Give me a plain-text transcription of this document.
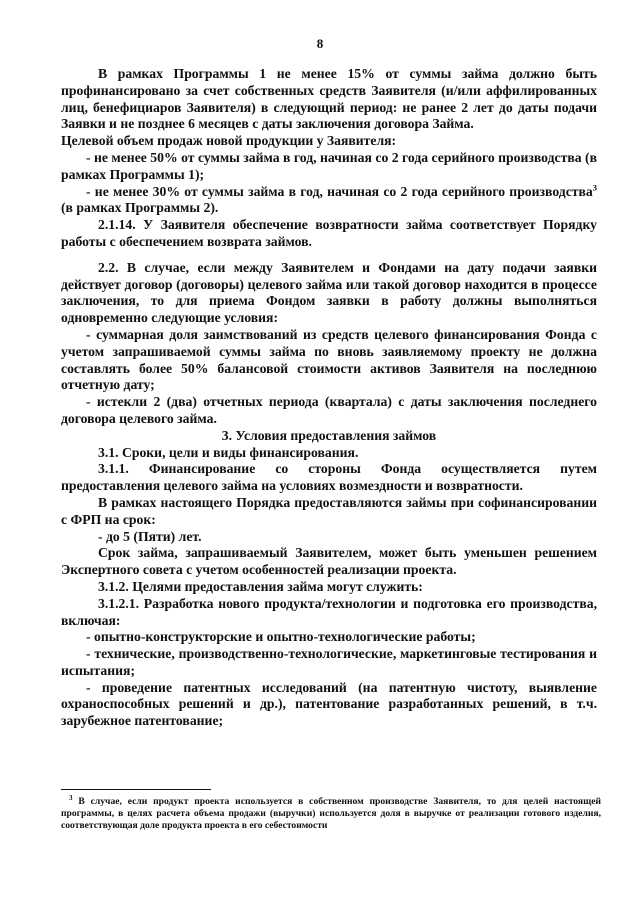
8

В рамках Программы 1 не менее 15% от суммы займа должно быть профинансировано за счет собственных средств Заявителя (и/или аффилированных лиц, бенефициаров Заявителя) в следующий период: не ранее 2 лет до даты подачи Заявки и не позднее 6 месяцев с даты заключения договора Займа.

Целевой объем продаж новой продукции у Заявителя:

- не менее 50% от суммы займа в год, начиная со 2 года серийного производства (в рамках Программы 1);

- не менее 30% от суммы займа в год, начиная со 2 года серийного производства$^3$ (в рамках Программы 2).

2.1.14. У Заявителя обеспечение возвратности займа соответствует Порядку работы с обеспечением возврата займов.

2.2. В случае, если между Заявителем и Фондами на дату подачи заявки действует договор (договоры) целевого займа или такой договор находится в процессе заключения, то для приема Фондом заявки в работу должны выполняться одновременно следующие условия:

- суммарная доля заимствований из средств целевого финансирования Фонда с учетом запрашиваемой суммы займа по вновь заявляемому проекту не должна составлять более 50% балансовой стоимости активов Заявителя на последнюю отчетную дату;

- истекли 2 (два) отчетных периода (квартала) с даты заключения последнего договора целевого займа.

3. Условия предоставления займов

3.1. Сроки, цели и виды финансирования.

3.1.1. Финансирование со стороны Фонда осуществляется путем предоставления целевого займа на условиях возмездности и возвратности.

В рамках настоящего Порядка предоставляются займы при софинансировании с ФРП на срок:

- до 5 (Пяти) лет.

Срок займа, запрашиваемый Заявителем, может быть уменьшен решением Экспертного совета с учетом особенностей реализации проекта.

3.1.2. Целями предоставления займа могут служить:

3.1.2.1. Разработка нового продукта/технологии и подготовка его производства, включая:

- опытно-конструкторские и опытно-технологические работы;

- технические, производственно-технологические, маркетинговые тестирования и испытания;

- проведение патентных исследований (на патентную чистоту, выявление охраноспособных решений и др.), патентование разработанных решений, в т.ч. зарубежное патентование;

$^3$ В случае, если продукт проекта используется в собственном производстве Заявителя, то для целей настоящей программы, в целях расчета объема продажи (выручки) используется доля в выручке от реализации готового изделия, соответствующая доле продукта проекта в его себестоимости
